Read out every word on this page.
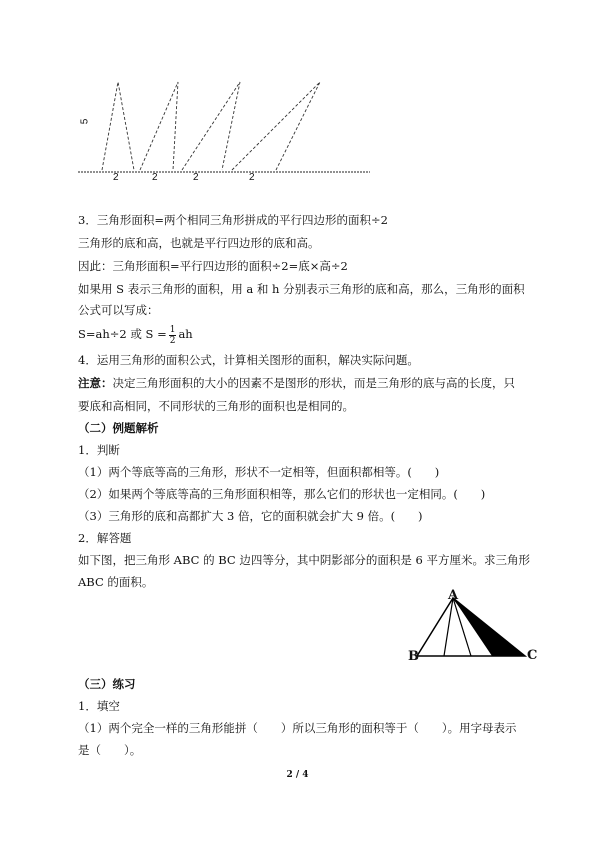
5
2	2	2	2
3．三角形面积=两个相同三角形拼成的平行四边形的面积÷2
三角形的底和高，也就是平行四边形的底和高。
因此：三角形面积=平行四边形的面积÷2=底×高÷2
如果用 S 表示三角形的面积，用 a 和 h 分别表示三角形的底和高，那么，三角形的面积
公式可以写成：
S=ah÷2 或 $S = \frac{1}{2}$ ah
4．运用三角形的面积公式，计算相关图形的面积，解决实际问题。
注意：决定三角形面积的大小的因素不是图形的形状，而是三角形的底与高的长度，只
要底和高相同，不同形状的三角形的面积也是相同的。
（二）例题解析
1．判断
（1）两个等底等高的三角形，形状不一定相等，但面积都相等。(　　)
（2）如果两个等底等高的三角形面积相等，那么它们的形状也一定相同。(　　)
（3）三角形的底和高都扩大 3 倍，它的面积就会扩大 9 倍。(　　)
2．解答题
如下图，把三角形 ABC 的 BC 边四等分，其中阴影部分的面积是 6 平方厘米。求三角形
ABC 的面积。
A
B	C
（三）练习
1．填空
（1）两个完全一样的三角形能拼（　　）所以三角形的面积等于（　　）。用字母表示
是（　　）。
2 / 4
